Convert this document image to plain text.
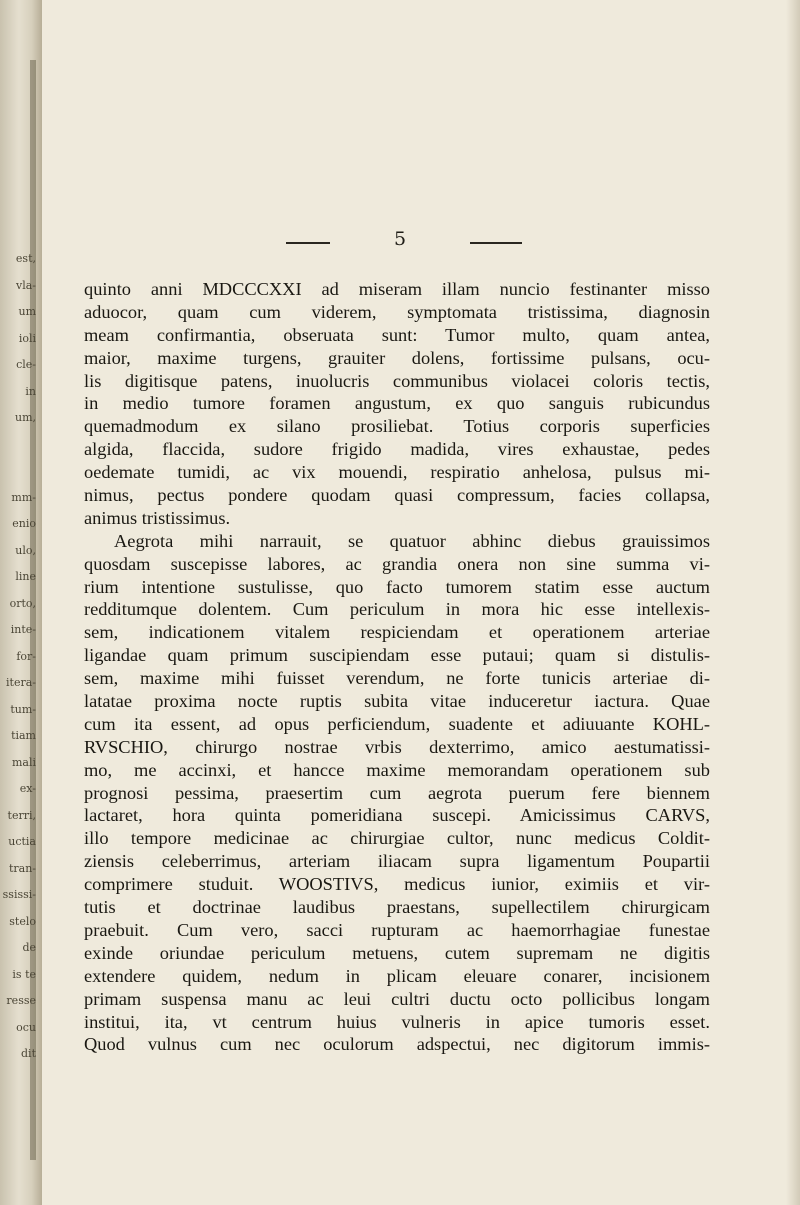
est,
vla-
um
ioli
cle-
in
um,
mm-
enio
ulo,
line
orto,
inte-
for-
itera-
tum-
tiam
mali
ex-
terri,
uctia
tran-
ssissi-
stelo
de
is te
resse
ocu
dit
5
quinto anni MDCCCXXI ad miseram illam nuncio festinanter misso
aduocor, quam cum viderem, symptomata tristissima, diagnosin
meam confirmantia, obseruata sunt: Tumor multo, quam antea,
maior, maxime turgens, grauiter dolens, fortissime pulsans, ocu-
lis digitisque patens, inuolucris communibus violacei coloris tectis,
in medio tumore foramen angustum, ex quo sanguis rubicundus
quemadmodum ex silano prosiliebat. Totius corporis superficies
algida, flaccida, sudore frigido madida, vires exhaustae, pedes
oedemate tumidi, ac vix mouendi, respiratio anhelosa, pulsus mi-
nimus, pectus pondere quodam quasi compressum, facies collapsa,
animus tristissimus.
Aegrota mihi narrauit, se quatuor abhinc diebus grauissimos
quosdam suscepisse labores, ac grandia onera non sine summa vi-
rium intentione sustulisse, quo facto tumorem statim esse auctum
redditumque dolentem. Cum periculum in mora hic esse intellexis-
sem, indicationem vitalem respiciendam et operationem arteriae
ligandae quam primum suscipiendam esse putaui; quam si distulis-
sem, maxime mihi fuisset verendum, ne forte tunicis arteriae di-
latatae proxima nocte ruptis subita vitae induceretur iactura. Quae
cum ita essent, ad opus perficiendum, suadente et adiuuante KOHL-
RVSCHIO, chirurgo nostrae vrbis dexterrimo, amico aestumatissi-
mo, me accinxi, et hancce maxime memorandam operationem sub
prognosi pessima, praesertim cum aegrota puerum fere biennem
lactaret, hora quinta pomeridiana suscepi. Amicissimus CARVS,
illo tempore medicinae ac chirurgiae cultor, nunc medicus Coldit-
ziensis celeberrimus, arteriam iliacam supra ligamentum Poupartii
comprimere studuit. WOOSTIVS, medicus iunior, eximiis et vir-
tutis et doctrinae laudibus praestans, supellectilem chirurgicam
praebuit. Cum vero, sacci rupturam ac haemorrhagiae funestae
exinde oriundae periculum metuens, cutem supremam ne digitis
extendere quidem, nedum in plicam eleuare conarer, incisionem
primam suspensa manu ac leui cultri ductu octo pollicibus longam
institui, ita, vt centrum huius vulneris in apice tumoris esset.
Quod vulnus cum nec oculorum adspectui, nec digitorum immis-
